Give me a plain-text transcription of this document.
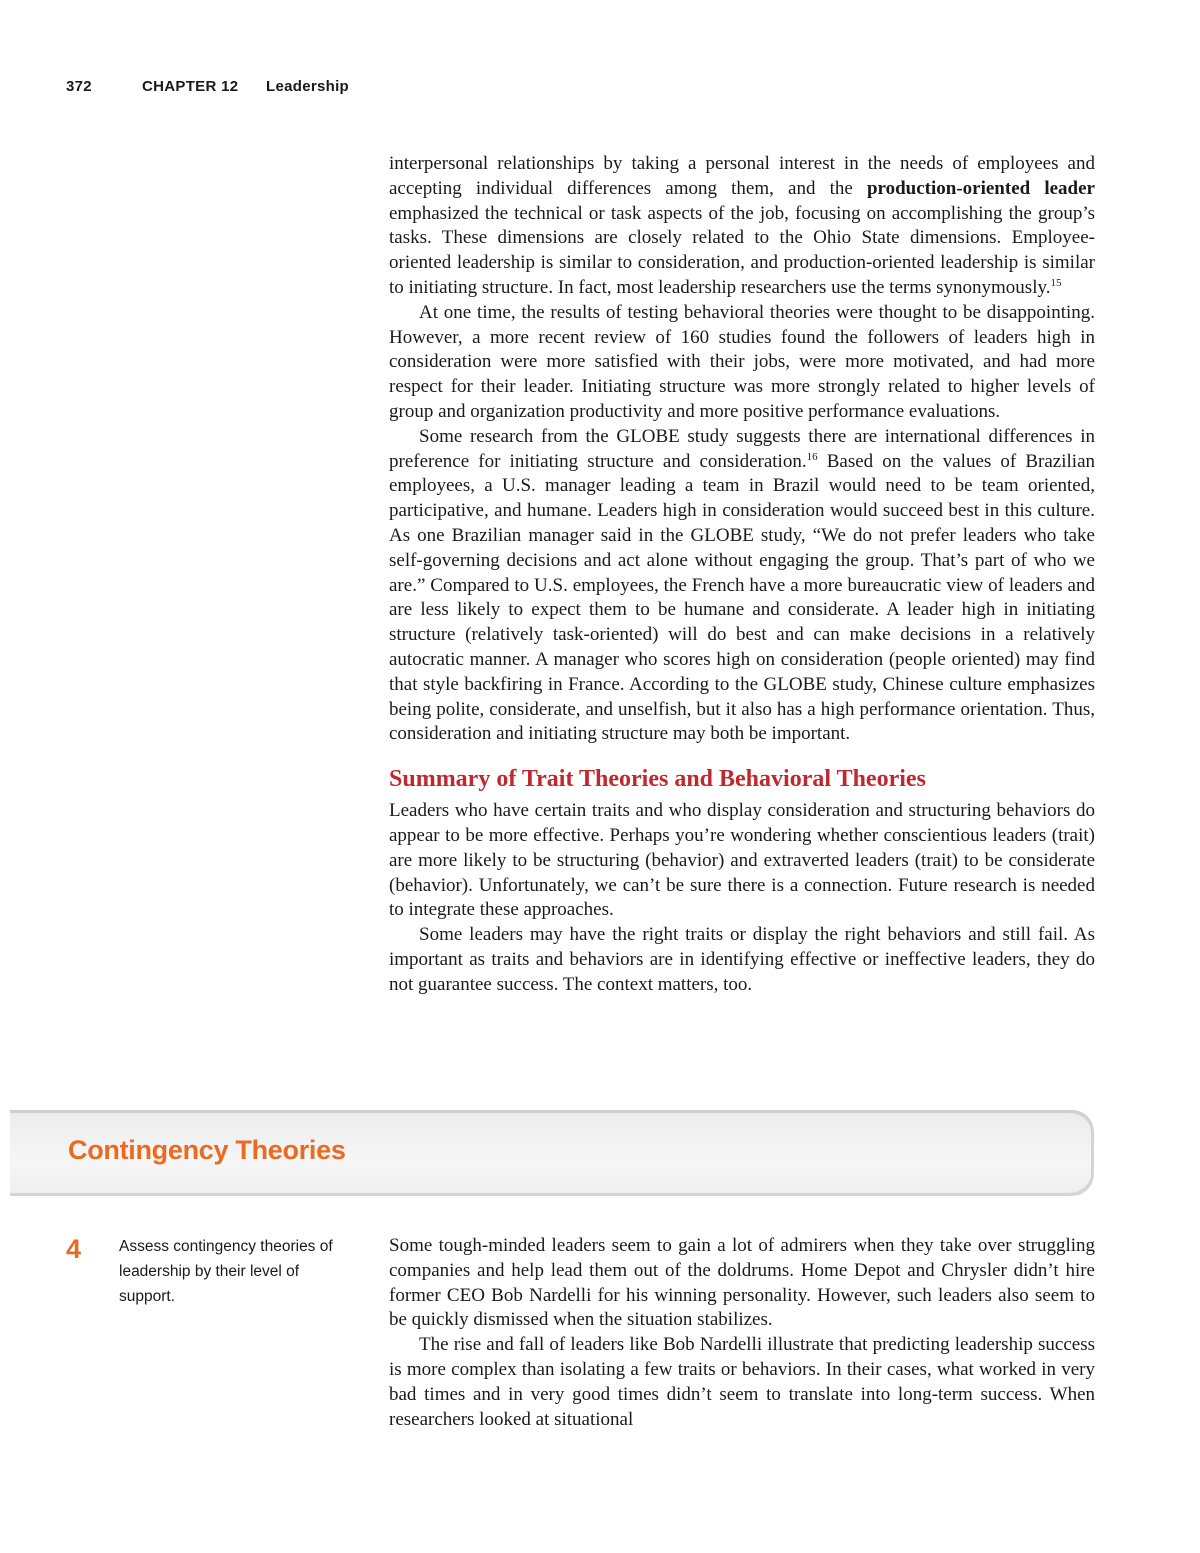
372	CHAPTER 12 Leadership

interpersonal relationships by taking a personal interest in the needs of employees and accepting individual differences among them, and the production-oriented leader emphasized the technical or task aspects of the job, focusing on accomplishing the group’s tasks. These dimensions are closely related to the Ohio State dimensions. Employee-oriented leadership is similar to consideration, and production-oriented leadership is similar to initiating structure. In fact, most leadership researchers use the terms synonymously.$^{15}$

At one time, the results of testing behavioral theories were thought to be disappointing. However, a more recent review of 160 studies found the followers of leaders high in consideration were more satisfied with their jobs, were more motivated, and had more respect for their leader. Initiating structure was more strongly related to higher levels of group and organization productivity and more positive performance evaluations.

Some research from the GLOBE study suggests there are international differences in preference for initiating structure and consideration.$^{16}$ Based on the values of Brazilian employees, a U.S. manager leading a team in Brazil would need to be team oriented, participative, and humane. Leaders high in consideration would succeed best in this culture. As one Brazilian manager said in the GLOBE study, “We do not prefer leaders who take self-governing decisions and act alone without engaging the group. That’s part of who we are.” Compared to U.S. employees, the French have a more bureaucratic view of leaders and are less likely to expect them to be humane and considerate. A leader high in initiating structure (relatively task-oriented) will do best and can make decisions in a relatively autocratic manner. A manager who scores high on consideration (people oriented) may find that style backfiring in France. According to the GLOBE study, Chinese culture emphasizes being polite, considerate, and unselfish, but it also has a high performance orientation. Thus, consideration and initiating structure may both be important.

Summary of Trait Theories and Behavioral Theories

Leaders who have certain traits and who display consideration and structuring behaviors do appear to be more effective. Perhaps you’re wondering whether conscientious leaders (trait) are more likely to be structuring (behavior) and extraverted leaders (trait) to be considerate (behavior). Unfortunately, we can’t be sure there is a connection. Future research is needed to integrate these approaches.

Some leaders may have the right traits or display the right behaviors and still fail. As important as traits and behaviors are in identifying effective or ineffective leaders, they do not guarantee success. The context matters, too.

Contingency Theories
4 Assess contingency theories of leadership by their level of support.

Some tough-minded leaders seem to gain a lot of admirers when they take over struggling companies and help lead them out of the doldrums. Home Depot and Chrysler didn’t hire former CEO Bob Nardelli for his winning personality. However, such leaders also seem to be quickly dismissed when the situation stabilizes.

The rise and fall of leaders like Bob Nardelli illustrate that predicting leadership success is more complex than isolating a few traits or behaviors. In their cases, what worked in very bad times and in very good times didn’t seem to translate into long-term success. When researchers looked at situational
